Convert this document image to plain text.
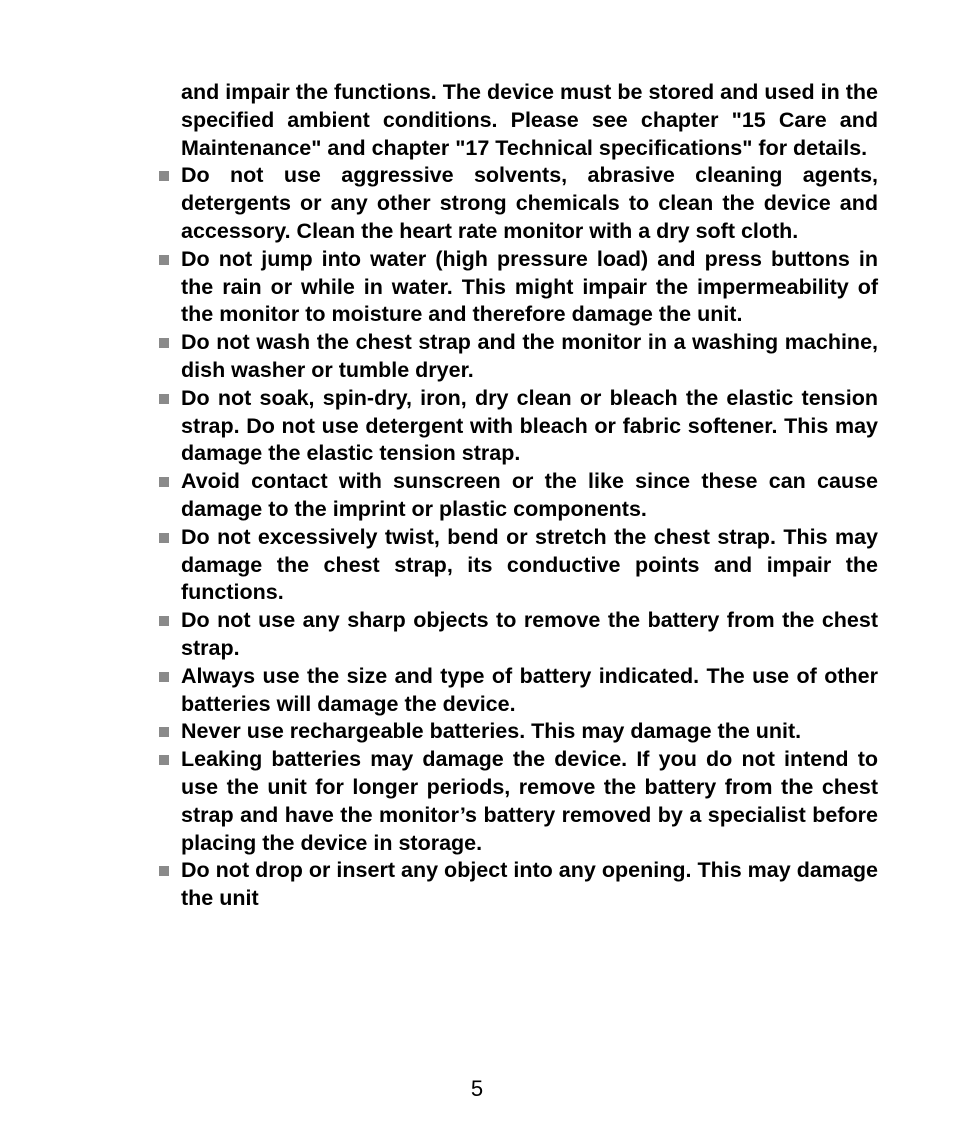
and impair the functions. The device must be stored and used in the specified ambient conditions. Please see chapter "15 Care and Maintenance" and chapter "17 Technical specifications" for details.

Do not use aggressive solvents, abrasive cleaning agents, detergents or any other strong chemicals to clean the device and accessory. Clean the heart rate monitor with a dry soft cloth.
Do not jump into water (high pressure load) and press buttons in the rain or while in water. This might impair the impermeability of the monitor to moisture and therefore damage the unit.
Do not wash the chest strap and the monitor in a washing machine, dish washer or tumble dryer.
Do not soak, spin-dry, iron, dry clean or bleach the elastic tension strap. Do not use detergent with bleach or fabric softener. This may damage the elastic tension strap.
Avoid contact with sunscreen or the like since these can cause damage to the imprint or plastic components.
Do not excessively twist, bend or stretch the chest strap. This may damage the chest strap, its conductive points and impair the functions.
Do not use any sharp objects to remove the battery from the chest strap.
Always use the size and type of battery indicated. The use of other batteries will damage the device.
Never use rechargeable batteries. This may damage the unit.
Leaking batteries may damage the device. If you do not intend to use the unit for longer periods, remove the battery from the chest strap and have the monitor’s battery removed by a specialist before placing the device in storage.
Do not drop or insert any object into any opening. This may damage the unit
5
